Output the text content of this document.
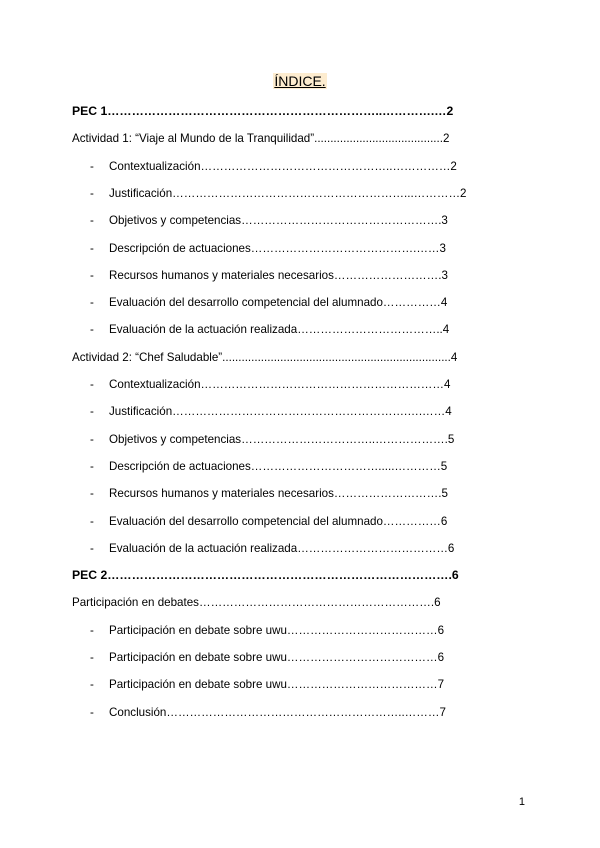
ÍNDICE.
PEC 1…………………………………………………………..………….…2
Actividad 1: “Viaje al Mundo de la Tranquilidad”........................................2
- Contextualización…………………………………………..……………2
- Justificación……………………………………………………...…………2
- Objetivos y competencias…………………………………………….3
- Descripción de actuaciones…………………………………….……3
- Recursos humanos y materiales necesarios……………………….3
- Evaluación del desarrollo competencial del alumnado……………4
- Evaluación de la actuación realizada………………………………..4
Actividad 2: “Chef Saludable”.......................................................................4
- Contextualización………………………………………………………4
- Justificación…………………………………………………….….……4
- Objetivos y competencias……………………………..……………….5
- Descripción de actuaciones…………………………….....…………5
- Recursos humanos y materiales necesarios……………………….5
- Evaluación del desarrollo competencial del alumnado……………6
- Evaluación de la actuación realizada…………………………………6
PEC 2………………………………………………………………………….6
Participación en debates…………………………………………………….6
- Participación en debate sobre uwu…………………………………6
- Participación en debate sobre uwu…………………………………6
- Participación en debate sobre uwu…………………………………7
- Conclusión……………………………………………………..………7
1
